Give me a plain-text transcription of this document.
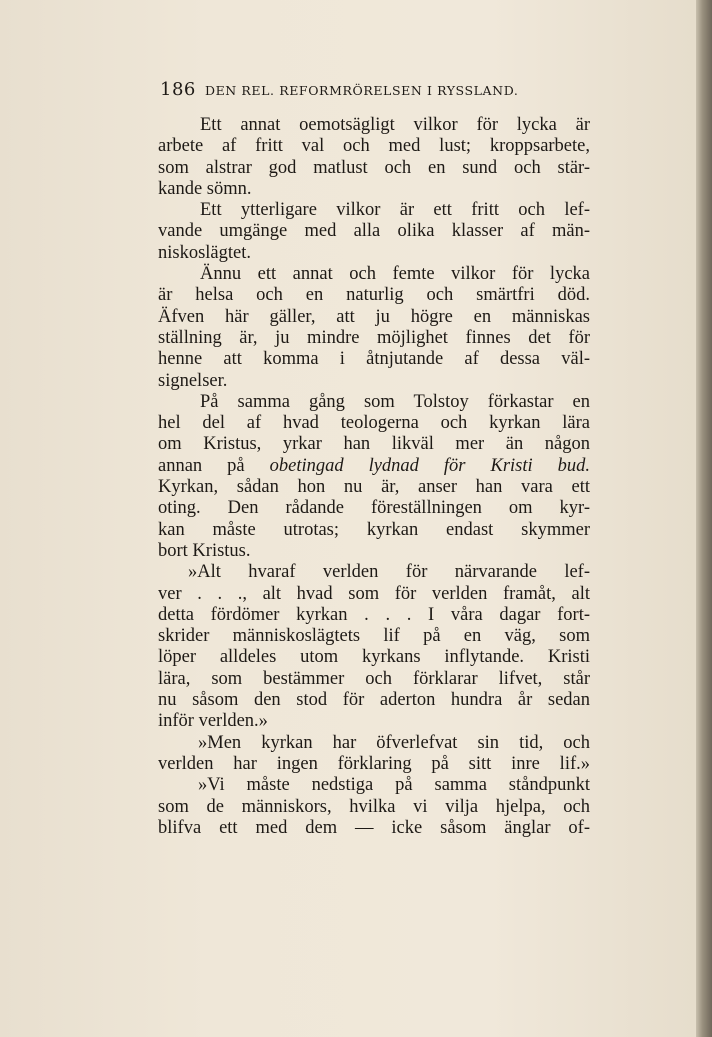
186 DEN REL. REFORMRÖRELSEN I RYSSLAND.
Ett annat oemotsägligt vilkor för lycka är
arbete af fritt val och med lust; kroppsarbete,
som alstrar god matlust och en sund och stär-
kande sömn.
Ett ytterligare vilkor är ett fritt och lef-
vande umgänge med alla olika klasser af män-
niskoslägtet.
Ännu ett annat och femte vilkor för lycka
är helsa och en naturlig och smärtfri död.
Äfven här gäller, att ju högre en människas
ställning är, ju mindre möjlighet finnes det för
henne att komma i åtnjutande af dessa väl-
signelser.
På samma gång som Tolstoy förkastar en
hel del af hvad teologerna och kyrkan lära
om Kristus, yrkar han likväl mer än någon
annan på obetingad lydnad för Kristi bud.
Kyrkan, sådan hon nu är, anser han vara ett
oting. Den rådande föreställningen om kyr-
kan måste utrotas; kyrkan endast skymmer
bort Kristus.
»Alt hvaraf verlden för närvarande lef-
ver . . ., alt hvad som för verlden framåt, alt
detta fördömer kyrkan . . . I våra dagar fort-
skrider människoslägtets lif på en väg, som
löper alldeles utom kyrkans inflytande. Kristi
lära, som bestämmer och förklarar lifvet, står
nu såsom den stod för aderton hundra år sedan
inför verlden.»
»Men kyrkan har öfverlefvat sin tid, och
verlden har ingen förklaring på sitt inre lif.»
»Vi måste nedstiga på samma ståndpunkt
som de människors, hvilka vi vilja hjelpa, och
blifva ett med dem — icke såsom änglar of-
